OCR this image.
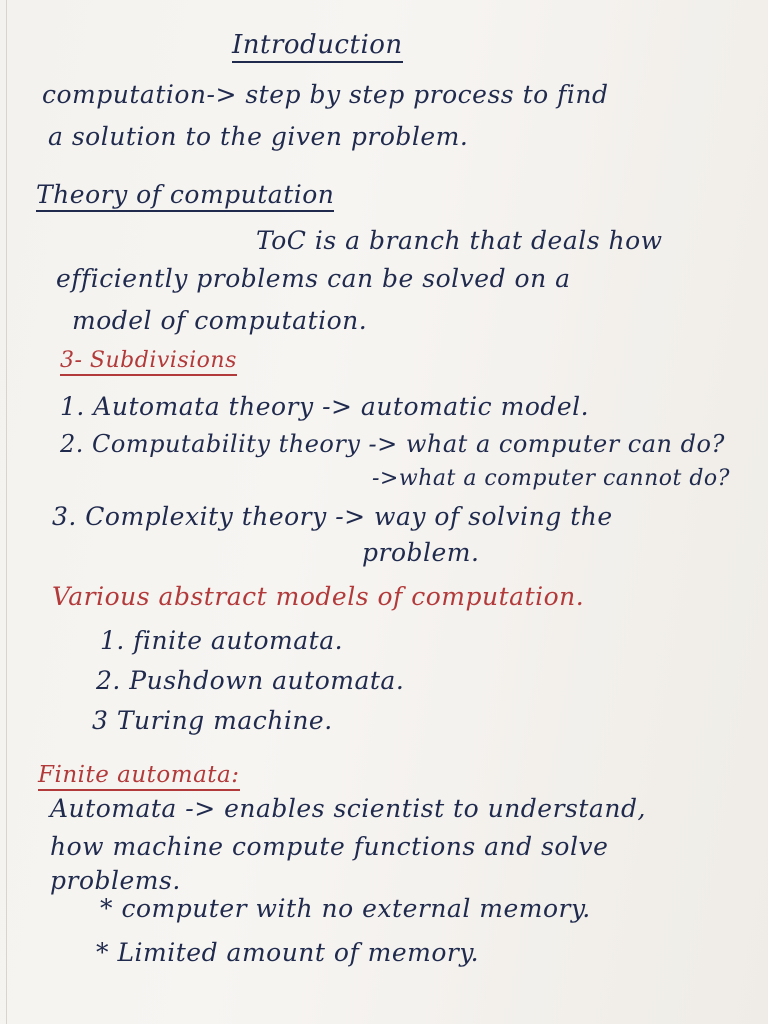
Introduction
computation-> step by step process to find
a solution to the given problem.
Theory of computation
ToC is a branch that deals how
efficiently problems can be solved on a
model of computation.
3- Subdivisions
1. Automata theory -> automatic model.
2. Computability theory -> what a computer can do?
->what a computer cannot do?
3. Complexity theory -> way of solving the
problem.
Various abstract models of computation.
1. finite automata.
2. Pushdown automata.
3 Turing machine.
Finite automata:
Automata -> enables scientist to understand,
how machine compute functions and solve
problems.
* computer with no external memory.
* Limited amount of memory.
